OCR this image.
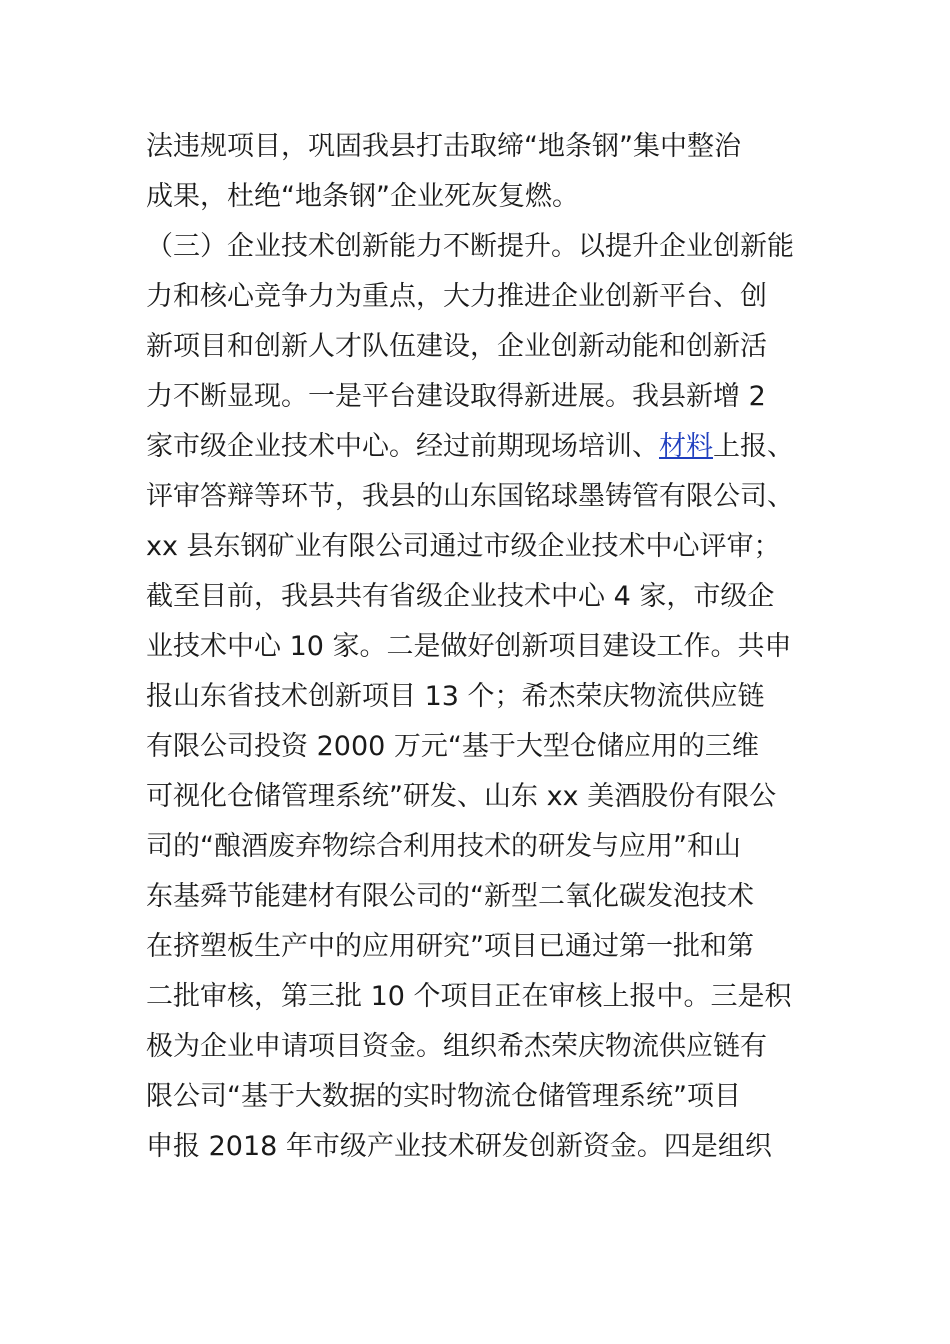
法违规项目，巩固我县打击取缔“地条钢”集中整治
成果，杜绝“地条钢”企业死灰复燃。
（三）企业技术创新能力不断提升。以提升企业创新能
力和核心竞争力为重点，大力推进企业创新平台、创
新项目和创新人才队伍建设，企业创新动能和创新活
力不断显现。一是平台建设取得新进展。我县新增 2
家市级企业技术中心。经过前期现场培训、材料上报、
评审答辩等环节，我县的山东国铭球墨铸管有限公司、
xx 县东钢矿业有限公司通过市级企业技术中心评审；
截至目前，我县共有省级企业技术中心 4 家，市级企
业技术中心 10 家。二是做好创新项目建设工作。共申
报山东省技术创新项目 13 个；希杰荣庆物流供应链
有限公司投资 2000 万元“基于大型仓储应用的三维
可视化仓储管理系统”研发、山东 xx 美酒股份有限公
司的“酿酒废弃物综合利用技术的研发与应用”和山
东基舜节能建材有限公司的“新型二氧化碳发泡技术
在挤塑板生产中的应用研究”项目已通过第一批和第
二批审核，第三批 10 个项目正在审核上报中。三是积
极为企业申请项目资金。组织希杰荣庆物流供应链有
限公司“基于大数据的实时物流仓储管理系统”项目
申报 2018 年市级产业技术研发创新资金。四是组织
